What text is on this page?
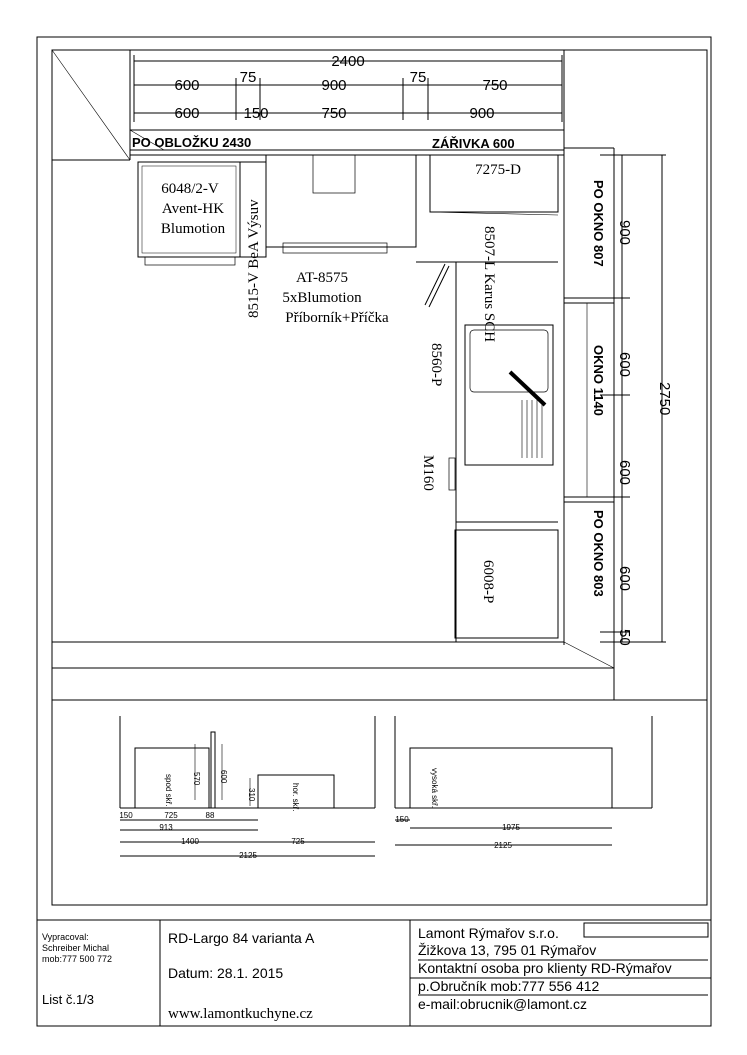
2400
600	75	900	75	750
600	150	750	900
PO OBLOŽKU 2430	ZÁŘIVKA 600
6048/2-V
Avent-HK
Blumotion 8515-V BeA Výsuv AT-8575
5xBlumotion
Příborník+Příčka
7275-D
8507-L Karus SCH
8560-P
M160
6008-P
PO OKNO 807
OKNO 1140
PO OKNO 803
900
600
600
600
50
2750
spod skř.	hor. skř.
570 600
310
150	725	88
913
1400	725
2125
vysoká skř.
150
1975
2125
Vypracoval:
Schreiber Michal
mob:777 500 772
List č.1/3
RD-Largo 84 varianta A
Datum: 28.1. 2015
www.lamontkuchyne.cz
Lamont Rýmařov s.r.o.
Žižkova 13, 795 01 Rýmařov
Kontaktní osoba pro klienty RD-Rýmařov
p.Obručník mob:777 556 412
e-mail:obrucnik@lamont.cz
